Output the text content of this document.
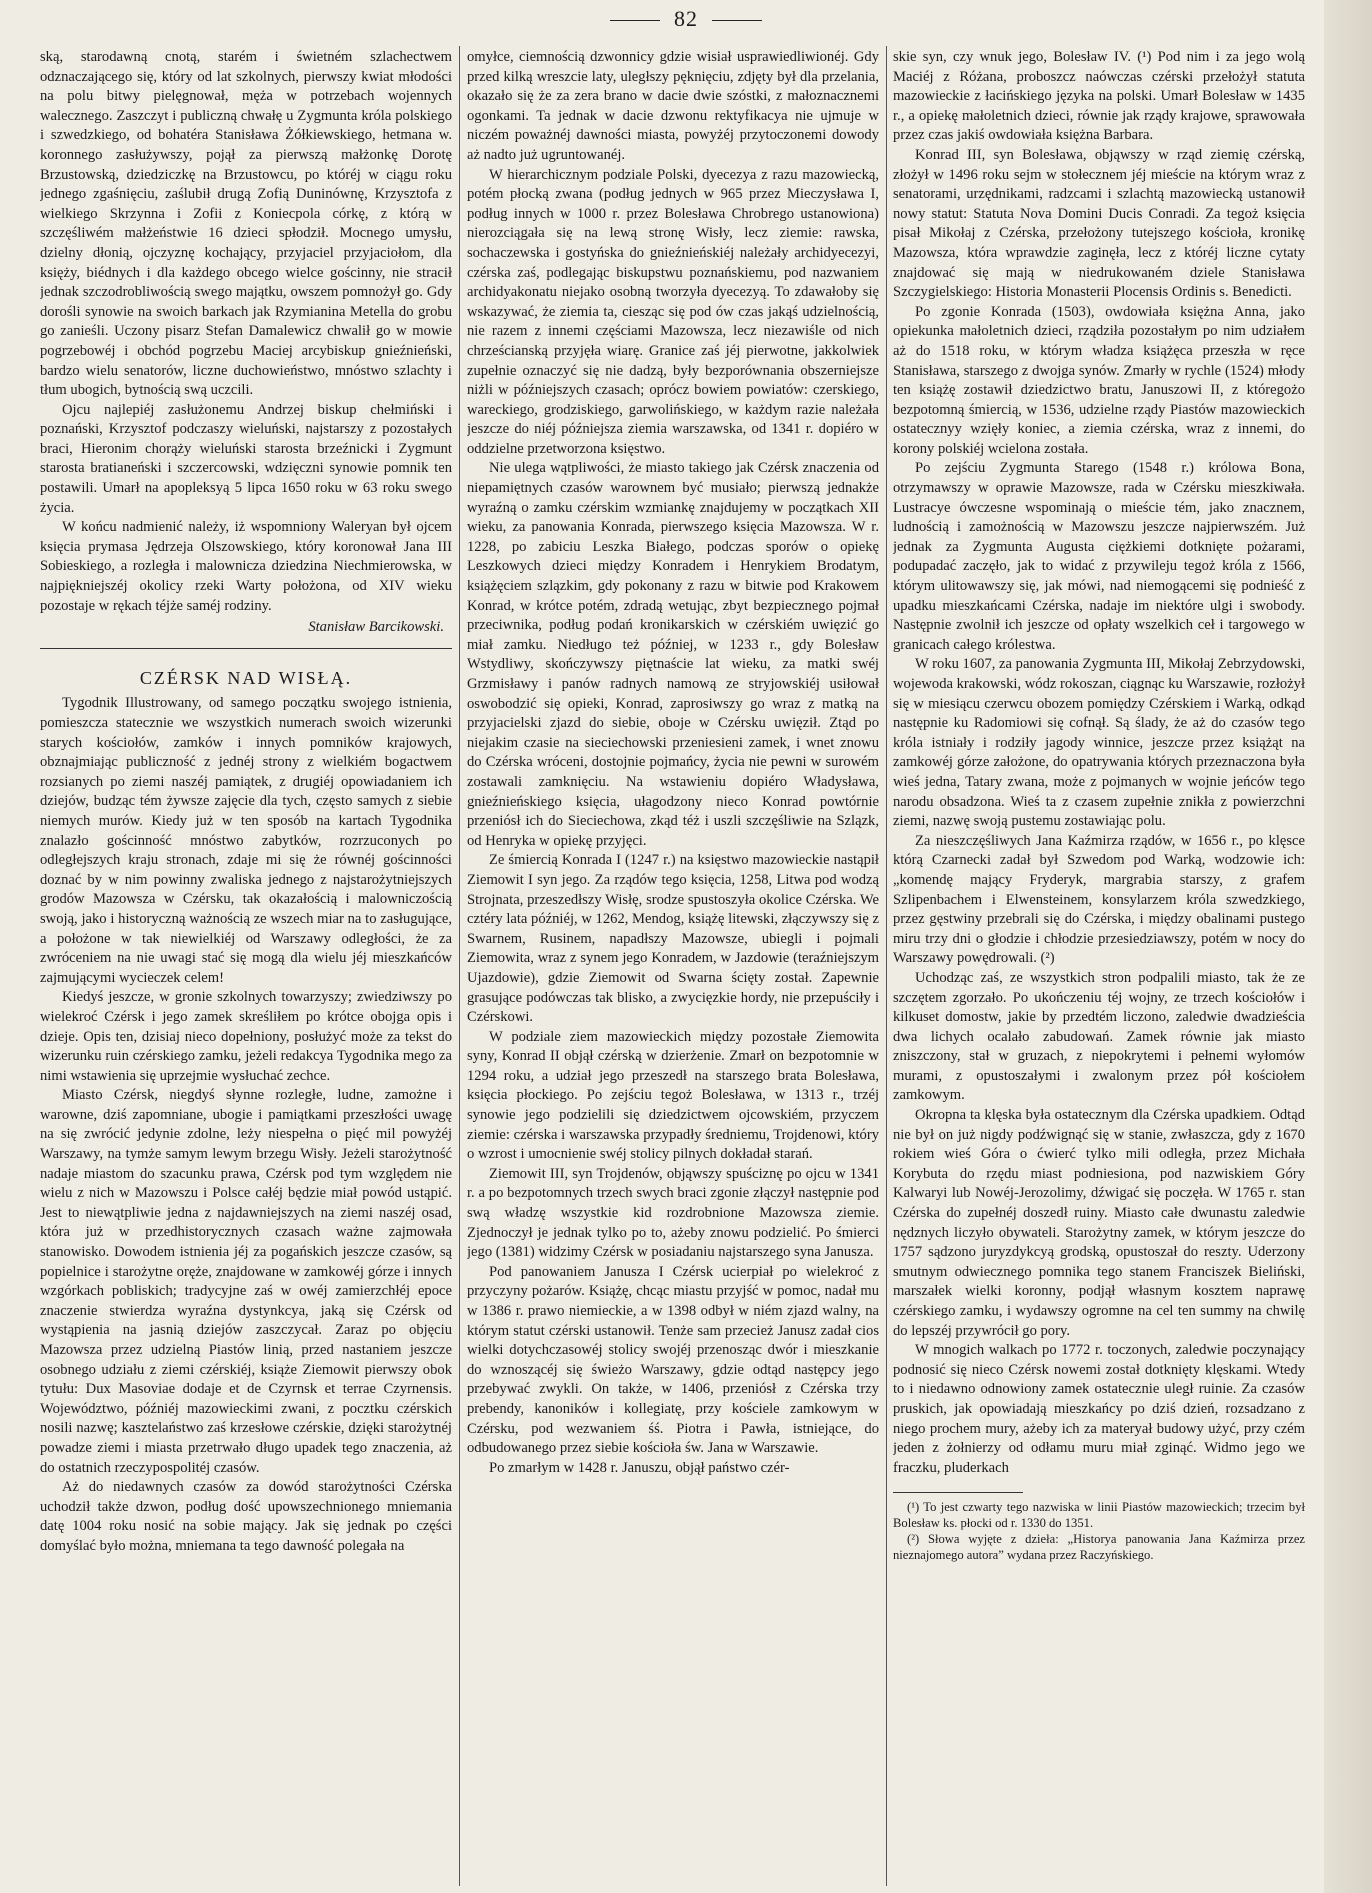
82

ską, starodawną cnotą, starém i świetném szlachectwem odznaczającego się, który od lat szkolnych, pierwszy kwiat młodości na polu bitwy pielęgnował, męża w potrzebach wojennych walecznego. Zaszczyt i publiczną chwałę u Zygmunta króla polskiego i szwedzkiego, od bohatéra Stanisława Żółkiewskiego, hetmana w. koronnego zasłużywszy, pojął za pierwszą małżonkę Dorotę Brzustowską, dziedziczkę na Brzustowcu, po któréj w ciągu roku jednego zgaśnięciu, zaślubił drugą Zofią Duninównę, Krzysztofa z wielkiego Skrzynna i Zofii z Koniecpola córkę, z którą w szczęśliwém małżeństwie 16 dzieci spłodził. Mocnego umysłu, dzielny dłonią, ojczyznę kochający, przyjaciel przyjaciołom, dla księży, biédnych i dla każdego obcego wielce gościnny, nie stracił jednak szczodrobliwością swego majątku, owszem pomnożył go. Gdy dorośli synowie na swoich barkach jak Rzymianina Metella do grobu go zanieśli. Uczony pisarz Stefan Damalewicz chwalił go w mowie pogrzebowéj i obchód pogrzebu Maciej arcybiskup gnieźnieński, bardzo wielu senatorów, liczne duchowieństwo, mnóstwo szlachty i tłum ubogich, bytnością swą uczcili.

Ojcu najlepiéj zasłużonemu Andrzej biskup chełmiński i poznański, Krzysztof podczaszy wieluński, najstarszy z pozostałych braci, Hieronim chorąży wieluński starosta brzeźnicki i Zygmunt starosta bratianeński i szczercowski, wdzięczni synowie pomnik ten postawili. Umarł na apopleksyą 5 lipca 1650 roku w 63 roku swego życia.

W końcu nadmienić należy, iż wspomniony Waleryan był ojcem księcia prymasa Jędrzeja Olszowskiego, który koronował Jana III Sobieskiego, a rozległa i malownicza dziedzina Niechmierowska, w najpiękniejszéj okolicy rzeki Warty położona, od XIV wieku pozostaje w rękach téjże saméj rodziny.

Stanisław Barcikowski.
CZÉRSK NAD WISŁĄ.

Tygodnik Illustrowany, od samego początku swojego istnienia, pomieszcza statecznie we wszystkich numerach swoich wizerunki starych kościołów, zamków i innych pomników krajowych, obznajmiając publiczność z jednéj strony z wielkiém bogactwem rozsianych po ziemi naszéj pamiątek, z drugiéj opowiadaniem ich dziejów, budząc tém żywsze zajęcie dla tych, często samych z siebie niemych murów. Kiedy już w ten sposób na kartach Tygodnika znalazło gościnność mnóstwo zabytków, rozrzuconych po odległejszych kraju stronach, zdaje mi się że równéj gościnności doznać by w nim powinny zwaliska jednego z najstarożytniejszych grodów Mazowsza w Czérsku, tak okazałością i malowniczością swoją, jako i historyczną ważnością ze wszech miar na to zasługujące, a położone w tak niewielkiéj od Warszawy odległości, że za zwróceniem na nie uwagi stać się mogą dla wielu jéj mieszkańców zajmującymi wycieczek celem!

Kiedyś jeszcze, w gronie szkolnych towarzyszy; zwiedziwszy po wielekroć Czérsk i jego zamek skreśliłem po krótce obojga opis i dzieje. Opis ten, dzisiaj nieco dopełniony, posłużyć może za tekst do wizerunku ruin czérskiego zamku, jeżeli redakcya Tygodnika mego za nimi wstawienia się uprzejmie wysłuchać zechce.

Miasto Czérsk, niegdyś słynne rozległe, ludne, zamożne i warowne, dziś zapomniane, ubogie i pamiątkami przeszłości uwagę na się zwrócić jedynie zdolne, leży niespełna o pięć mil powyżéj Warszawy, na tymże samym lewym brzegu Wisły. Jeżeli starożytność nadaje miastom do szacunku prawa, Czérsk pod tym względem nie wielu z nich w Mazowszu i Polsce całéj będzie miał powód ustąpić. Jest to niewątpliwie jedna z najdawniejszych na ziemi naszéj osad, która już w przedhistorycznych czasach ważne zajmowała stanowisko. Dowodem istnienia jéj za pogańskich jeszcze czasów, są popielnice i starożytne oręże, znajdowane w zamkowéj górze i innych wzgórkach pobliskich; tradycyjne zaś w owéj zamierzchłéj epoce znaczenie stwierdza wyraźna dystynkcya, jaką się Czérsk od wystąpienia na jasnią dziejów zaszczycał. Zaraz po objęciu Mazowsza przez udzielną Piastów linią, przed nastaniem jeszcze osobnego udziału z ziemi czérskiéj, książe Ziemowit pierwszy obok tytułu: Dux Masoviae dodaje et de Czyrnsk et terrae Czyrnensis. Województwo, późniéj mazowieckimi zwani, z pocztku czérskich nosili nazwę; kasztelaństwo zaś krzesłowe czérskie, dzięki starożytnéj powadze ziemi i miasta przetrwało długo upadek tego znaczenia, aż do ostatnich rzeczypospolitéj czasów.

Aż do niedawnych czasów za dowód starożytności Czérska uchodził także dzwon, podług dość upowszechnionego mniemania datę 1004 roku nosić na sobie mający. Jak się jednak po części domyślać było można, mniemana ta tego dawność polegała na

omyłce, ciemnością dzwonnicy gdzie wisiał usprawiedliwionéj. Gdy przed kilką wreszcie laty, uległszy pęknięciu, zdjęty był dla przelania, okazało się że za zera brano w dacie dwie szóstki, z małoznacznemi ogonkami. Ta jednak w dacie dzwonu rektyfikacya nie ujmuje w niczém poważnéj dawności miasta, powyżéj przytoczonemi dowody aż nadto już ugruntowanéj.

W hierarchicznym podziale Polski, dyecezya z razu mazowiecką, potém płocką zwana (podług jednych w 965 przez Mieczysława I, podług innych w 1000 r. przez Bolesława Chrobrego ustanowiona) nierozciągała się na lewą stronę Wisły, lecz ziemie: rawska, sochaczewska i gostyńska do gnieźnieńskiéj należały archidyecezyi, czérska zaś, podlegając biskupstwu poznańskiemu, pod nazwaniem archidyakonatu niejako osobną tworzyła dyecezyą. To zdawałoby się wskazywać, że ziemia ta, ciesząc się pod ów czas jakąś udzielnością, nie razem z innemi częściami Mazowsza, lecz niezawiśle od nich chrześcianską przyjęła wiarę. Granice zaś jéj pierwotne, jakkolwiek zupełnie oznaczyć się nie dadzą, były bezporównania obszerniejsze niżli w późniejszych czasach; oprócz bowiem powiatów: czerskiego, wareckiego, grodziskiego, garwolińskiego, w każdym razie należała jeszcze do niéj późniejsza ziemia warszawska, od 1341 r. dopiéro w oddzielne przetworzona księstwo.

Nie ulega wątpliwości, że miasto takiego jak Czérsk znaczenia od niepamiętnych czasów warownem być musiało; pierwszą jednakże wyraźną o zamku czérskim wzmiankę znajdujemy w początkach XII wieku, za panowania Konrada, pierwszego księcia Mazowsza. W r. 1228, po zabiciu Leszka Białego, podczas sporów o opiekę Leszkowych dzieci między Konradem i Henrykiem Brodatym, książęciem szlązkim, gdy pokonany z razu w bitwie pod Krakowem Konrad, w krótce potém, zdradą wetując, zbyt bezpiecznego pojmał przeciwnika, podług podań kronikarskich w czérskiém uwięzić go miał zamku. Niedługo też później, w 1233 r., gdy Bolesław Wstydliwy, skończywszy piętnaście lat wieku, za matki swéj Grzmisławy i panów radnych namową ze stryjowskiéj usiłował oswobodzić się opieki, Konrad, zaprosiwszy go wraz z matką na przyjacielski zjazd do siebie, oboje w Czérsku uwięził. Ztąd po niejakim czasie na sieciechowski przeniesieni zamek, i wnet znowu do Czérska wróceni, dostojnie pojmańcy, życia nie pewni w surowém zostawali zamknięciu. Na wstawieniu dopiéro Władysława, gnieźnieńskiego księcia, ułagodzony nieco Konrad powtórnie przeniósł ich do Sieciechowa, zkąd téż i uszli szczęśliwie na Szlązk, od Henryka w opiekę przyjęci.

Ze śmiercią Konrada I (1247 r.) na księstwo mazowieckie nastąpił Ziemowit I syn jego. Za rządów tego księcia, 1258, Litwa pod wodzą Strojnata, przeszedłszy Wisłę, srodze spustoszyła okolice Czérska. We cztéry lata późniéj, w 1262, Mendog, książę litewski, złączywszy się z Swarnem, Rusinem, napadłszy Mazowsze, ubiegli i pojmali Ziemowita, wraz z synem jego Konradem, w Jazdowie (teraźniejszym Ujazdowie), gdzie Ziemowit od Swarna ścięty został. Zapewnie grasujące podówczas tak blisko, a zwycięzkie hordy, nie przepuściły i Czérskowi.

W podziale ziem mazowieckich między pozostałe Ziemowita syny, Konrad II objął czérską w dzierżenie. Zmarł on bezpotomnie w 1294 roku, a udział jego przeszedł na starszego brata Bolesława, księcia płockiego. Po zejściu tegoż Bolesława, w 1313 r., trzéj synowie jego podzielili się dziedzictwem ojcowskiém, przyczem ziemie: czérska i warszawska przypadły średniemu, Trojdenowi, który o wzrost i umocnienie swéj stolicy pilnych dokładał starań.

Ziemowit III, syn Trojdenów, objąwszy spuściznę po ojcu w 1341 r. a po bezpotomnych trzech swych braci zgonie złączył następnie pod swą władzę wszystkie kid rozdrobnione Mazowsza ziemie. Zjednoczył je jednak tylko po to, ażeby znowu podzielić. Po śmierci jego (1381) widzimy Czérsk w posiadaniu najstarszego syna Janusza.

Pod panowaniem Janusza I Czérsk ucierpiał po wielekroć z przyczyny pożarów. Książę, chcąc miastu przyjść w pomoc, nadał mu w 1386 r. prawo niemieckie, a w 1398 odbył w niém zjazd walny, na którym statut czérski ustanowił. Tenże sam przecież Janusz zadał cios wielki dotychczasowéj stolicy swojéj przenosząc dwór i mieszkanie do wznoszącéj się świeżo Warszawy, gdzie odtąd następcy jego przebywać zwykli. On także, w 1406, przeniósł z Czérska trzy prebendy, kanoników i kollegiatę, przy kościele zamkowym w Czérsku, pod wezwaniem śś. Piotra i Pawła, istniejące, do odbudowanego przez siebie kościoła św. Jana w Warszawie.

Po zmarłym w 1428 r. Januszu, objął państwo czér-

skie syn, czy wnuk jego, Bolesław IV. (¹) Pod nim i za jego wolą Maciéj z Różana, proboszcz naówczas czérski przełożył statuta mazowieckie z łacińskiego języka na polski. Umarł Bolesław w 1435 r., a opiekę małoletnich dzieci, równie jak rządy krajowe, sprawowała przez czas jakiś owdowiała księżna Barbara.

Konrad III, syn Bolesława, objąwszy w rząd ziemię czérską, złożył w 1496 roku sejm w stołecznem jéj mieście na którym wraz z senatorami, urzędnikami, radzcami i szlachtą mazowiecką ustanowił nowy statut: Statuta Nova Domini Ducis Conradi. Za tegoż księcia pisał Mikołaj z Czérska, przełożony tutejszego kościoła, kronikę Mazowsza, która wprawdzie zaginęła, lecz z któréj liczne cytaty znajdować się mają w niedrukowaném dziele Stanisława Szczygielskiego: Historia Monasterii Plocensis Ordinis s. Benedicti.

Po zgonie Konrada (1503), owdowiała księżna Anna, jako opiekunka małoletnich dzieci, rządziła pozostałym po nim udziałem aż do 1518 roku, w którym władza książęca przeszła w ręce Stanisława, starszego z dwojga synów. Zmarły w rychle (1524) młody ten książę zostawił dziedzictwo bratu, Januszowi II, z któregożo bezpotomną śmiercią, w 1536, udzielne rządy Piastów mazowieckich ostatecznyy wzięły koniec, a ziemia czérska, wraz z innemi, do korony polskiéj wcielona została.

Po zejściu Zygmunta Starego (1548 r.) królowa Bona, otrzymawszy w oprawie Mazowsze, rada w Czérsku mieszkiwała. Lustracye ówczesne wspominają o mieście tém, jako znacznem, ludnością i zamożnością w Mazowszu jeszcze najpierwszém. Już jednak za Zygmunta Augusta ciężkiemi dotknięte pożarami, podupadać zaczęło, jak to widać z przywileju tegoż króla z 1566, którym ulitowawszy się, jak mówi, nad niemogącemi się podnieść z upadku mieszkańcami Czérska, nadaje im niektóre ulgi i swobody. Następnie zwolnił ich jeszcze od opłaty wszelkich ceł i targowego w granicach całego królestwa.

W roku 1607, za panowania Zygmunta III, Mikołaj Zebrzydowski, wojewoda krakowski, wódz rokoszan, ciągnąc ku Warszawie, rozłożył się w miesiącu czerwcu obozem pomiędzy Czérskiem i Warką, odkąd następnie ku Radomiowi się cofnął. Są ślady, że aż do czasów tego króla istniały i rodziły jagody winnice, jeszcze przez książąt na zamkowéj górze założone, do opatrywania których przeznaczona była wieś jedna, Tatary zwana, może z pojmanych w wojnie jeńców tego narodu obsadzona. Wieś ta z czasem zupełnie znikła z powierzchni ziemi, nazwę swoją pustemu zostawiając polu.

Za nieszczęśliwych Jana Kaźmirza rządów, w 1656 r., po klęsce którą Czarnecki zadał był Szwedom pod Warką, wodzowie ich: „komendę mający Fryderyk, margrabia starszy, z grafem Szlipenbachem i Elwensteinem, konsylarzem króla szwedzkiego, przez gęstwiny przebrali się do Czérska, i między obalinami pustego miru trzy dni o głodzie i chłodzie przesiedziawszy, potém w nocy do Warszawy powędrowali. (²)

Uchodząc zaś, ze wszystkich stron podpalili miasto, tak że ze szczętem zgorzało. Po ukończeniu téj wojny, ze trzech kościołów i kilkuset domostw, jakie by przedtém liczono, zaledwie dwadzieścia dwa lichych ocalało zabudowań. Zamek równie jak miasto zniszczony, stał w gruzach, z niepokrytemi i pełnemi wyłomów murami, z opustoszałymi i zwalonym przez pół kościołem zamkowym.

Okropna ta klęska była ostatecznym dla Czérska upadkiem. Odtąd nie był on już nigdy podźwignąć się w stanie, zwłaszcza, gdy z 1670 rokiem wieś Góra o ćwierć tylko mili odległa, przez Michała Korybuta do rzędu miast podniesiona, pod nazwiskiem Góry Kalwaryi lub Nowéj-Jerozolimy, dźwigać się poczęła. W 1765 r. stan Czérska do zupełnéj doszedł ruiny. Miasto całe dwunastu zaledwie nędznych liczyło obywateli. Starożytny zamek, w którym jeszcze do 1757 sądzono juryzdykcyą grodską, opustoszał do reszty. Uderzony smutnym odwiecznego pomnika tego stanem Franciszek Bieliński, marszałek wielki koronny, podjął własnym kosztem naprawę czérskiego zamku, i wydawszy ogromne na cel ten summy na chwilę do lepszéj przywrócił go pory.

W mnogich walkach po 1772 r. toczonych, zaledwie poczynający podnosić się nieco Czérsk nowemi został dotknięty klęskami. Wtedy to i niedawno odnowiony zamek ostatecznie uległ ruinie. Za czasów pruskich, jak opowiadają mieszkańcy po dziś dzień, rozsadzano z niego prochem mury, ażeby ich za materyał budowy użyć, przy czém jeden z żołnierzy od odłamu muru miał zginąć. Widmo jego we fraczku, pluderkach

(¹) To jest czwarty tego nazwiska w linii Piastów mazowieckich; trzecim był Bolesław ks. płocki od r. 1330 do 1351.

(²) Słowa wyjęte z dzieła: „Historya panowania Jana Kaźmirza przez nieznajomego autora” wydana przez Raczyńskiego.
